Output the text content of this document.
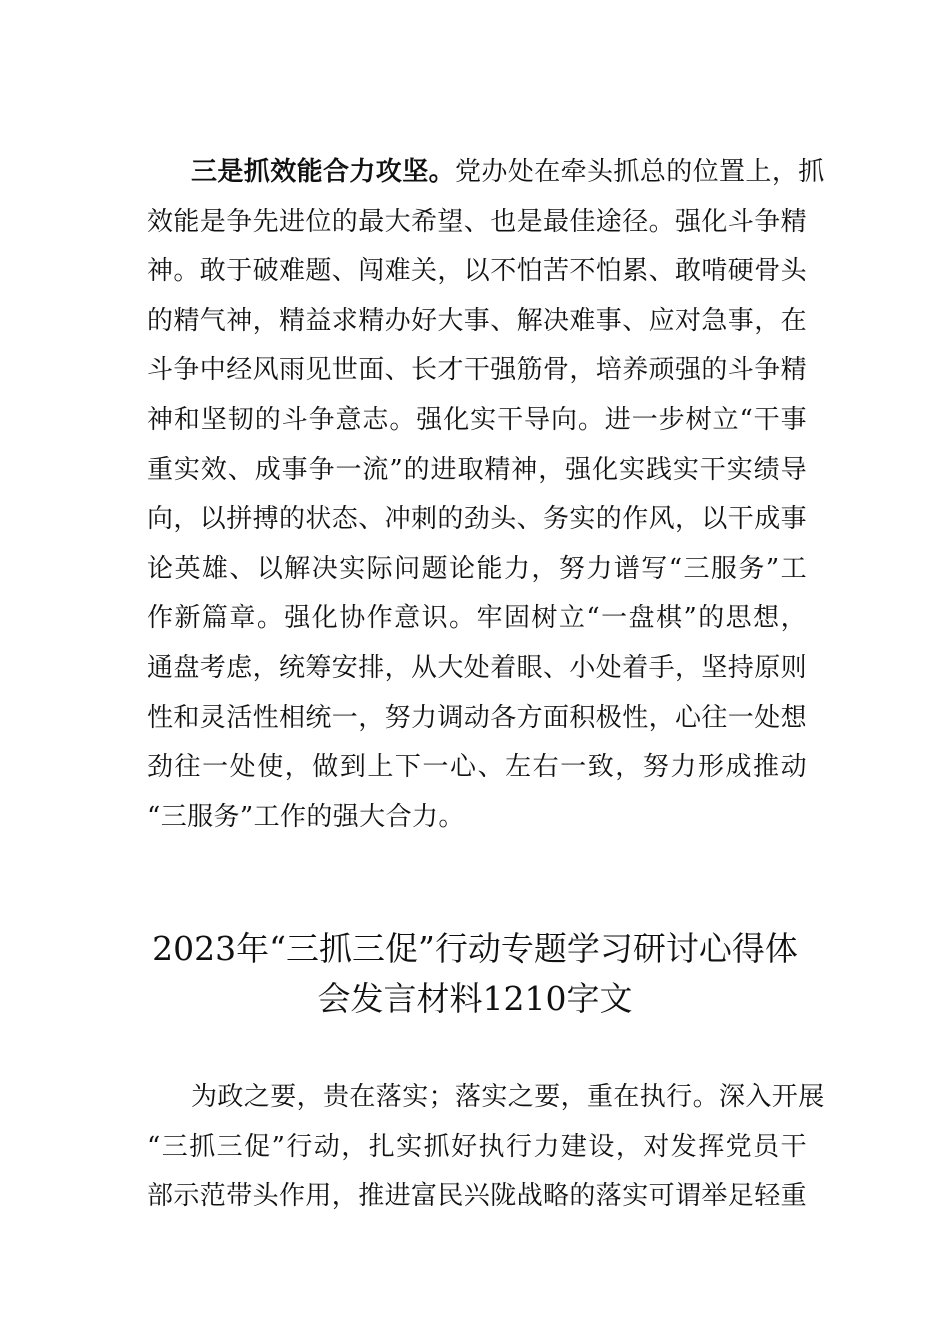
三是抓效能合力攻坚。党办处在牵头抓总的位置上，抓
效能是争先进位的最大希望、也是最佳途径。强化斗争精
神。敢于破难题、闯难关，以不怕苦不怕累、敢啃硬骨头
的精气神，精益求精办好大事、解决难事、应对急事，在
斗争中经风雨见世面、长才干强筋骨，培养顽强的斗争精
神和坚韧的斗争意志。强化实干导向。进一步树立“干事
重实效、成事争一流”的进取精神，强化实践实干实绩导
向，以拼搏的状态、冲刺的劲头、务实的作风，以干成事
论英雄、以解决实际问题论能力，努力谱写“三服务”工
作新篇章。强化协作意识。牢固树立“一盘棋”的思想，
通盘考虑，统筹安排，从大处着眼、小处着手，坚持原则
性和灵活性相统一，努力调动各方面积极性，心往一处想
劲往一处使，做到上下一心、左右一致，努力形成推动
“三服务”工作的强大合力。
2023年“三抓三促”行动专题学习研讨心得体
会发言材料1210字文
为政之要，贵在落实；落实之要，重在执行。深入开展
“三抓三促”行动，扎实抓好执行力建设，对发挥党员干
部示范带头作用，推进富民兴陇战略的落实可谓举足轻重
